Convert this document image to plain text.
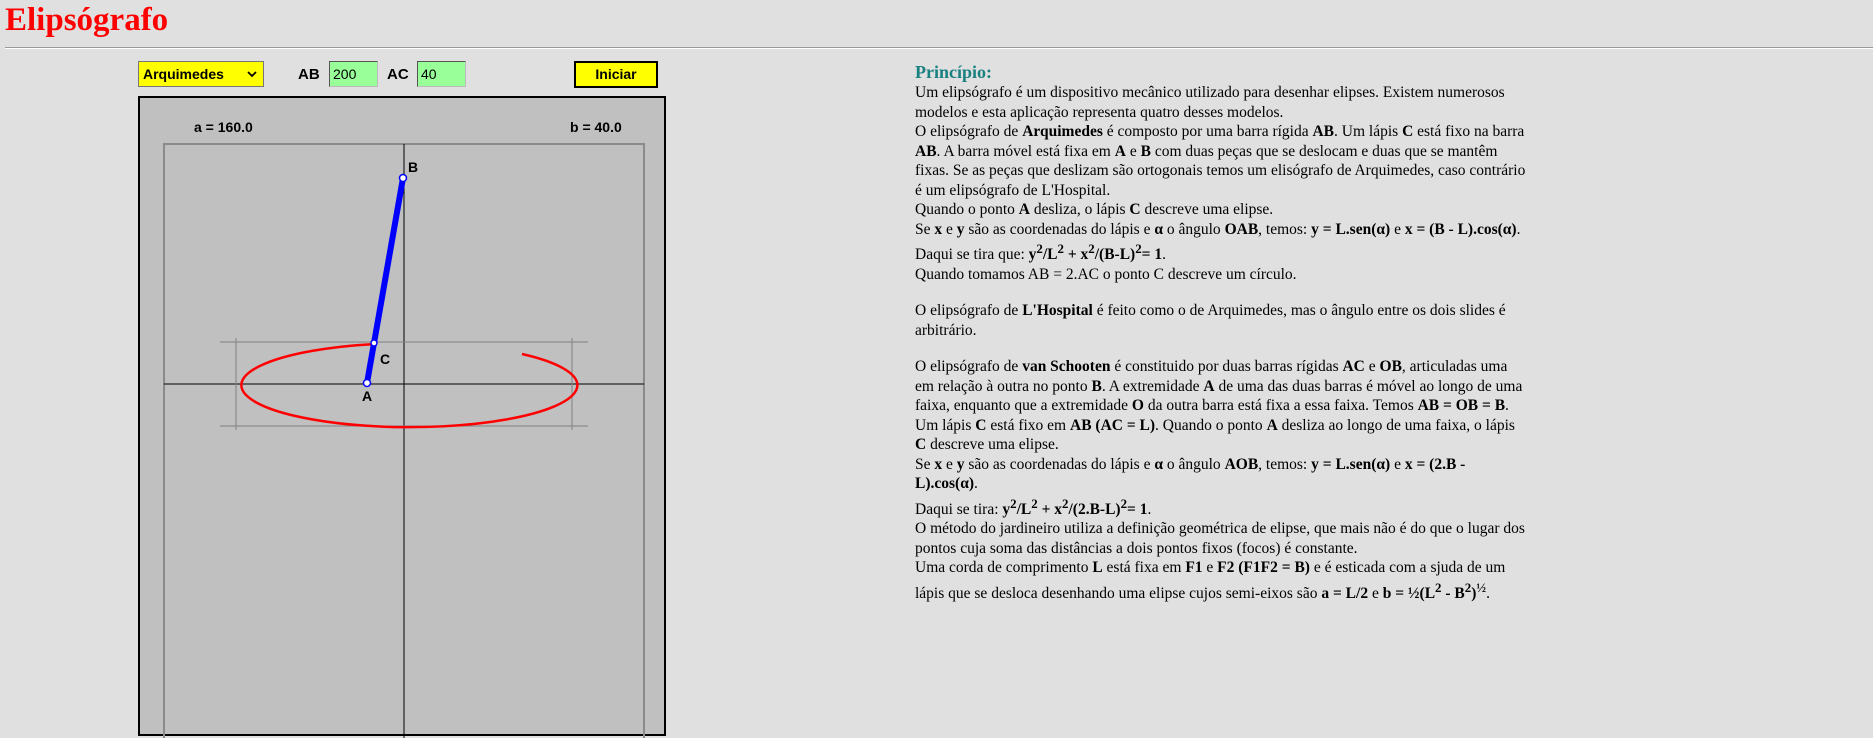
Elipsógrafo
Arquimedes	AB 200	AC 40	Iniciar
a = 160.0	b = 40.0
A
B
C
Princípio:

Um elipsógrafo é um dispositivo mecânico utilizado para desenhar elipses. Existem numerosos

modelos e esta aplicação representa quatro desses modelos.

O elipsógrafo de Arquimedes é composto por uma barra rígida AB. Um lápis C está fixo na barra

AB. A barra móvel está fixa em A e B com duas peças que se deslocam e duas que se mantêm

fixas. Se as peças que deslizam são ortogonais temos um elisógrafo de Arquimedes, caso contrário

é um elipsógrafo de L'Hospital.

Quando o ponto A desliza, o lápis C descreve uma elipse.

Se x e y são as coordenadas do lápis e α o ângulo OAB, temos: y = L.sen(α) e x = (B - L).cos(α).

Daqui se tira que: $y^2/L^2 + x^2/(B-L)^2= 1$.

Quando tomamos AB = 2.AC o ponto C descreve um círculo.

O elipsógrafo de L'Hospital é feito como o de Arquimedes, mas o ângulo entre os dois slides é

arbitrário.

O elipsógrafo de van Schooten é constituido por duas barras rígidas AC e OB, articuladas uma

em relação à outra no ponto B. A extremidade A de uma das duas barras é móvel ao longo de uma

faixa, enquanto que a extremidade O da outra barra está fixa a essa faixa. Temos AB = OB = B.

Um lápis C está fixo em AB (AC = L). Quando o ponto A desliza ao longo de uma faixa, o lápis

C descreve uma elipse.

Se x e y são as coordenadas do lápis e α o ângulo AOB, temos: y = L.sen(α) e x = (2.B -

L).cos(α).

Daqui se tira: $y^2/L^2 + x^2/(2.B-L)^2= 1$.

O método do jardineiro utiliza a definição geométrica de elipse, que mais não é do que o lugar dos

pontos cuja soma das distâncias a dois pontos fixos (focos) é constante.

Uma corda de comprimento L está fixa em F1 e F2 (F1F2 = B) e é esticada com a sjuda de um

lápis que se desloca desenhando uma elipse cujos semi-eixos são a = L/2 e $b = \frac{1}{2}(L^2 - B^2)^{\frac{1}{2}}$.
